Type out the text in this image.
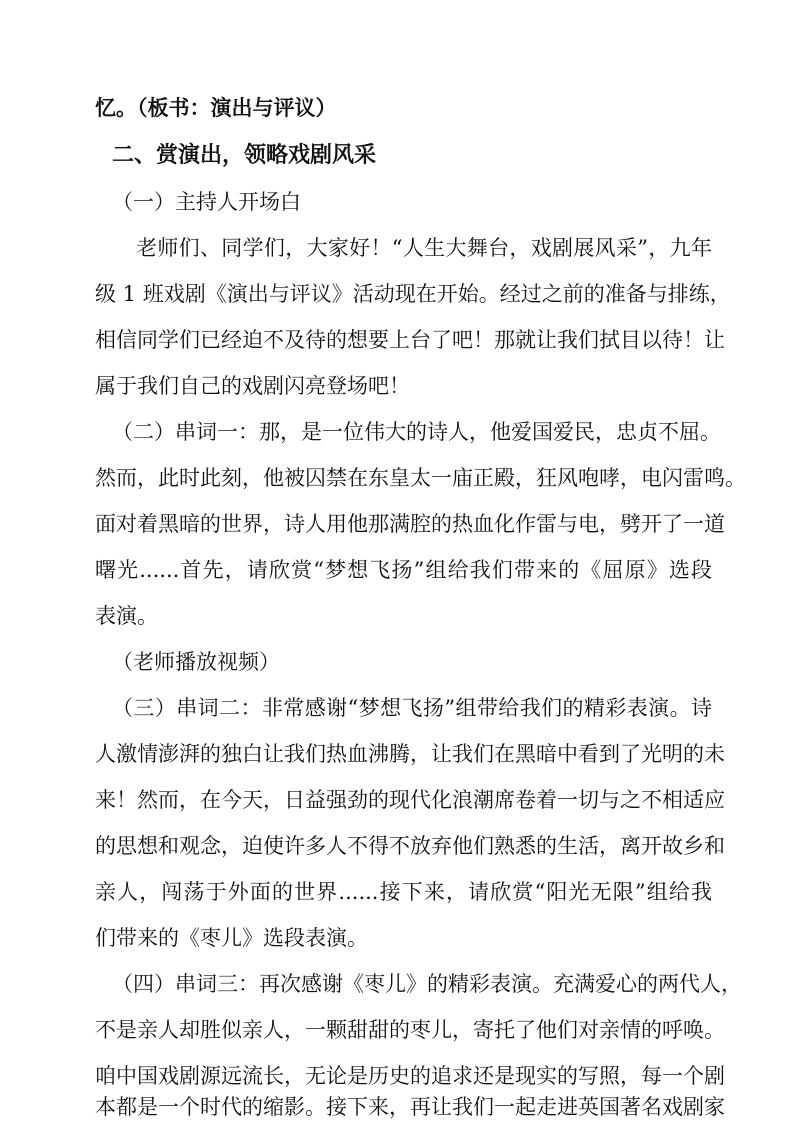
忆。（板书：演出与评议）

二、赏演出，领略戏剧风采

（一）主持人开场白

老师们、同学们，大家好！“人生大舞台，戏剧展风采”，九年

级 1 班戏剧《演出与评议》活动现在开始。经过之前的准备与排练，

相信同学们已经迫不及待的想要上台了吧！那就让我们拭目以待！让

属于我们自己的戏剧闪亮登场吧！

（二）串词一：那，是一位伟大的诗人，他爱国爱民，忠贞不屈。

然而，此时此刻，他被囚禁在东皇太一庙正殿，狂风咆哮，电闪雷鸣。

面对着黑暗的世界，诗人用他那满腔的热血化作雷与电，劈开了一道

曙光......首先，请欣赏“梦想飞扬”组给我们带来的《屈原》选段

表演。

（老师播放视频）

（三）串词二：非常感谢“梦想飞扬”组带给我们的精彩表演。诗

人激情澎湃的独白让我们热血沸腾，让我们在黑暗中看到了光明的未

来！然而，在今天，日益强劲的现代化浪潮席卷着一切与之不相适应

的思想和观念，迫使许多人不得不放弃他们熟悉的生活，离开故乡和

亲人，闯荡于外面的世界......接下来，请欣赏“阳光无限”组给我

们带来的《枣儿》选段表演。

（四）串词三：再次感谢《枣儿》的精彩表演。充满爱心的两代人，

不是亲人却胜似亲人，一颗甜甜的枣儿，寄托了他们对亲情的呼唤。

咱中国戏剧源远流长，无论是历史的追求还是现实的写照，每一个剧

本都是一个时代的缩影。接下来，再让我们一起走进英国著名戏剧家
